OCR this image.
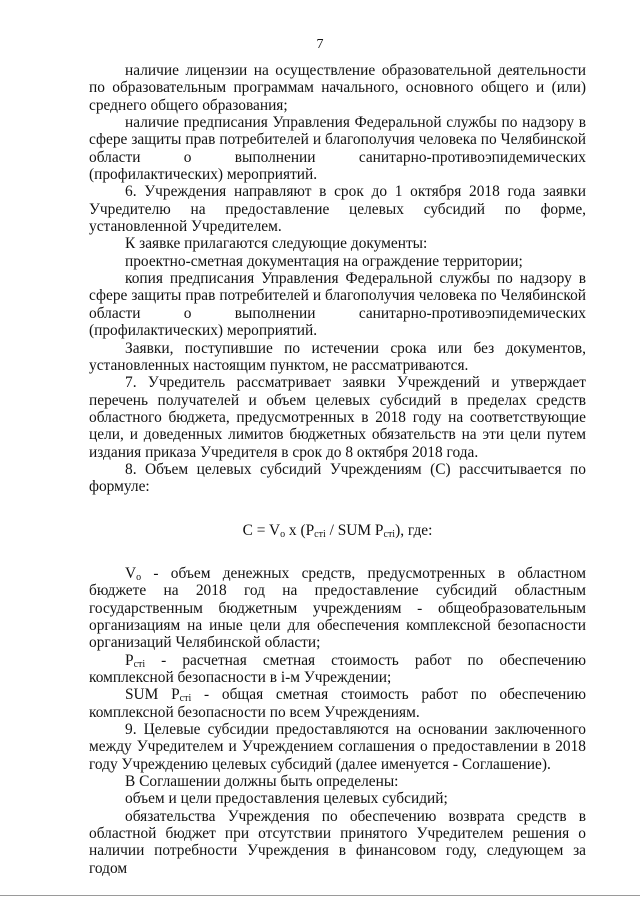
7

наличие лицензии на осуществление образовательной деятельности по образовательным программам начального, основного общего и (или) среднего общего образования;

наличие предписания Управления Федеральной службы по надзору в сфере защиты прав потребителей и благополучия человека по Челябинской области о выполнении санитарно-противоэпидемических (профилактических) мероприятий.

6. Учреждения направляют в срок до 1 октября 2018 года заявки Учредителю на предоставление целевых субсидий по форме, установленной Учредителем.

К заявке прилагаются следующие документы:

проектно-сметная документация на ограждение территории;

копия предписания Управления Федеральной службы по надзору в сфере защиты прав потребителей и благополучия человека по Челябинской области о выполнении санитарно-противоэпидемических (профилактических) мероприятий.

Заявки, поступившие по истечении срока или без документов, установленных настоящим пунктом, не рассматриваются.

7. Учредитель рассматривает заявки Учреждений и утверждает перечень получателей и объем целевых субсидий в пределах средств областного бюджета, предусмотренных в 2018 году на соответствующие цели, и доведенных лимитов бюджетных обязательств на эти цели путем издания приказа Учредителя в срок до 8 октября 2018 года.

8. Объем целевых субсидий Учреждениям (C) рассчитывается по формуле:

$C = V_o$ x ($P_{cтi}$ / SUM $P_{cтi}$), где:

$V_o$ - объем денежных средств, предусмотренных в областном бюджете на 2018 год на предоставление субсидий областным государственным бюджетным учреждениям - общеобразовательным организациям на иные цели для обеспечения комплексной безопасности организаций Челябинской области;

$P_{cтi}$ - расчетная сметная стоимость работ по обеспечению комплексной безопасности в i-м Учреждении;

SUM $P_{cтi}$ - общая сметная стоимость работ по обеспечению комплексной безопасности по всем Учреждениям.

9. Целевые субсидии предоставляются на основании заключенного между Учредителем и Учреждением соглашения о предоставлении в 2018 году Учреждению целевых субсидий (далее именуется - Соглашение).

В Соглашении должны быть определены:

объем и цели предоставления целевых субсидий;

обязательства Учреждения по обеспечению возврата средств в областной бюджет при отсутствии принятого Учредителем решения о наличии потребности Учреждения в финансовом году, следующем за годом
